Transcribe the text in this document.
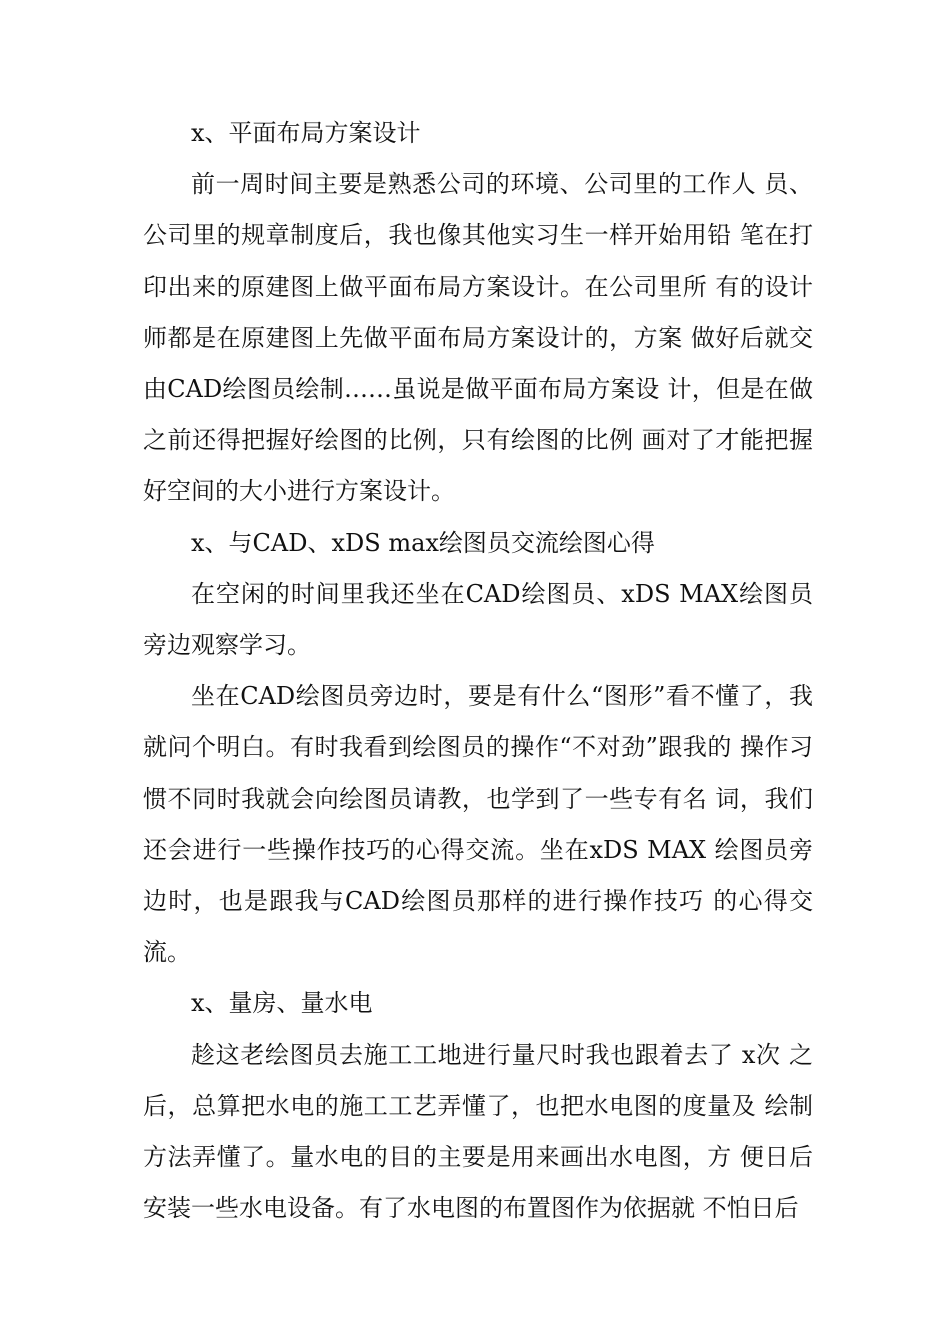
x、平面布局方案设计

前一周时间主要是熟悉公司的环境、公司里的工作人 员、公司里的规章制度后，我也像其他实习生一样开始用铅 笔在打印出来的原建图上做平面布局方案设计。在公司里所 有的设计师都是在原建图上先做平面布局方案设计的，方案 做好后就交由CAD绘图员绘制……虽说是做平面布局方案设 计，但是在做之前还得把握好绘图的比例，只有绘图的比例 画对了才能把握好空间的大小进行方案设计。

x、与CAD、xDS max绘图员交流绘图心得

在空闲的时间里我还坐在CAD绘图员、xDS MAX绘图员 旁边观察学习。

坐在CAD绘图员旁边时，要是有什么“图形”看不懂了，我就问个明白。有时我看到绘图员的操作“不对劲”跟我的 操作习惯不同时我就会向绘图员请教，也学到了一些专有名 词，我们还会进行一些操作技巧的心得交流。坐在xDS MAX 绘图员旁边时，也是跟我与CAD绘图员那样的进行操作技巧 的心得交流。

x、量房、量水电

趁这老绘图员去施工工地进行量尺时我也跟着去了 x次 之后，总算把水电的施工工艺弄懂了，也把水电图的度量及 绘制方法弄懂了。量水电的目的主要是用来画出水电图，方 便日后安装一些水电设备。有了水电图的布置图作为依据就 不怕日后
